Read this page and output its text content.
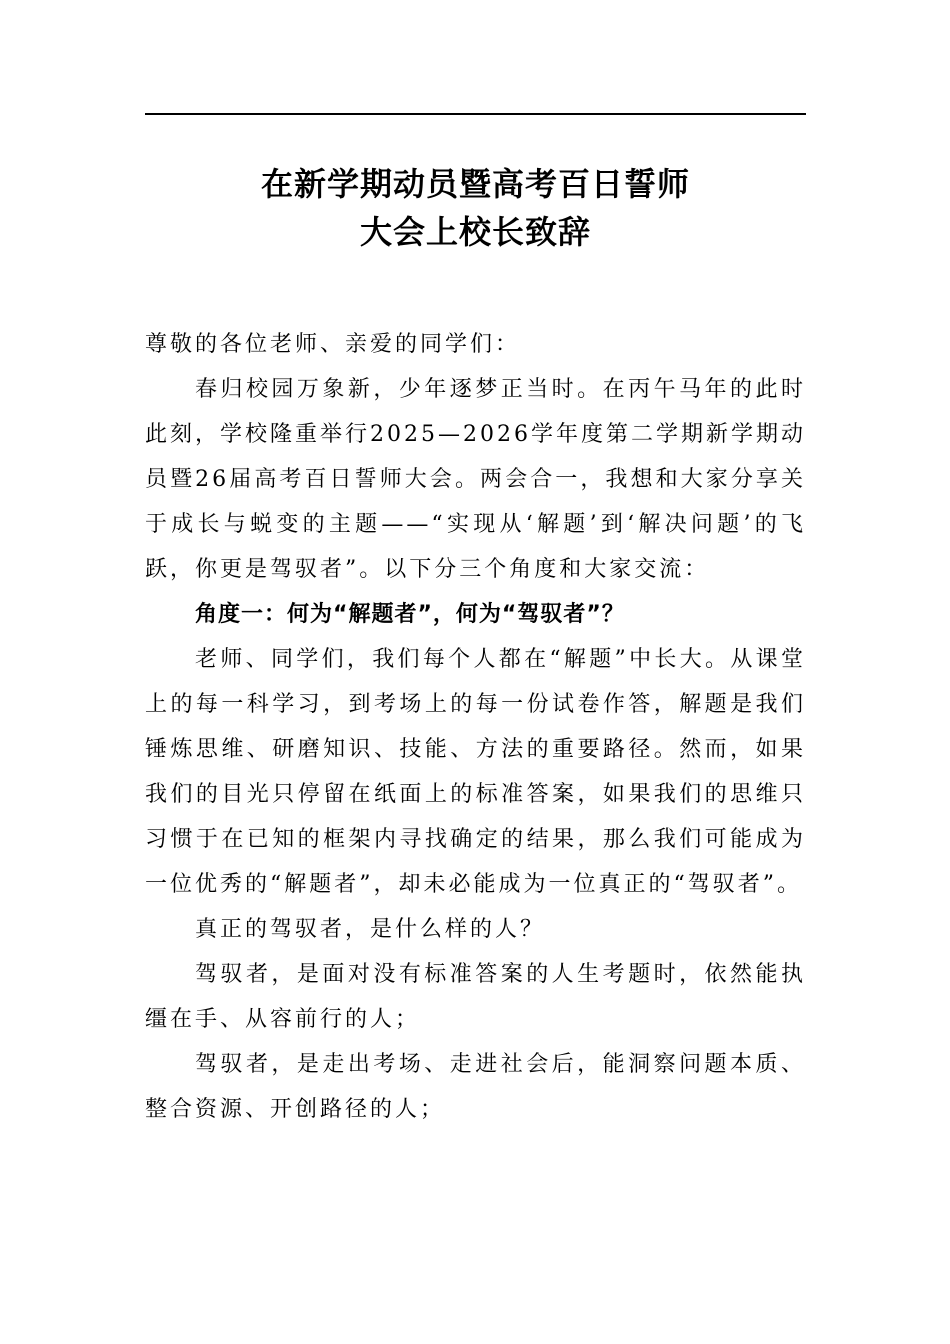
在新学期动员暨高考百日誓师
大会上校长致辞

尊敬的各位老师、亲爱的同学们：

春归校园万象新，少年逐梦正当时。在丙午马年的此时此刻，学校隆重举行2025—2026学年度第二学期新学期动员暨26届高考百日誓师大会。两会合一，我想和大家分享关于成长与蜕变的主题——“实现从‘解题’到‘解决问题’的飞跃，你更是驾驭者”。以下分三个角度和大家交流：

角度一：何为“解题者”，何为“驾驭者”？

老师、同学们，我们每个人都在“解题”中长大。从课堂上的每一科学习，到考场上的每一份试卷作答，解题是我们锤炼思维、研磨知识、技能、方法的重要路径。然而，如果我们的目光只停留在纸面上的标准答案，如果我们的思维只习惯于在已知的框架内寻找确定的结果，那么我们可能成为一位优秀的“解题者”，却未必能成为一位真正的“驾驭者”。

真正的驾驭者，是什么样的人？

驾驭者，是面对没有标准答案的人生考题时，依然能执缰在手、从容前行的人；

驾驭者，是走出考场、走进社会后，能洞察问题本质、整合资源、开创路径的人；
